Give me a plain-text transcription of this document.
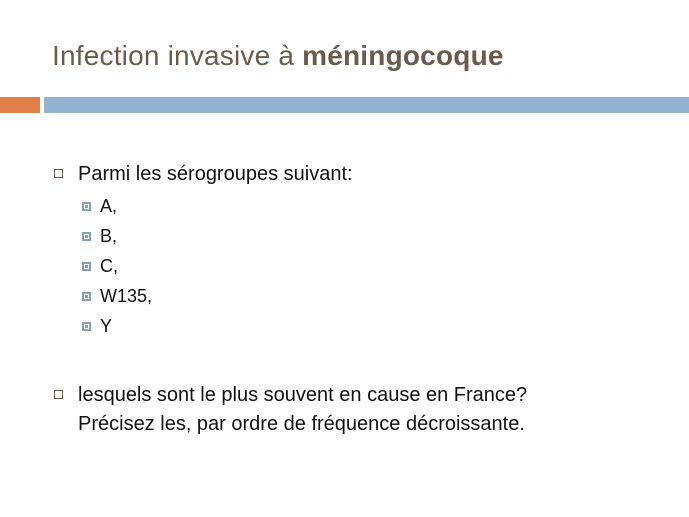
Infection invasive à méningocoque
Parmi les sérogroupes suivant:
A,
B,
C,
W135,
Y
lesquels sont le plus souvent en cause en France?
Précisez les, par ordre de fréquence décroissante.
